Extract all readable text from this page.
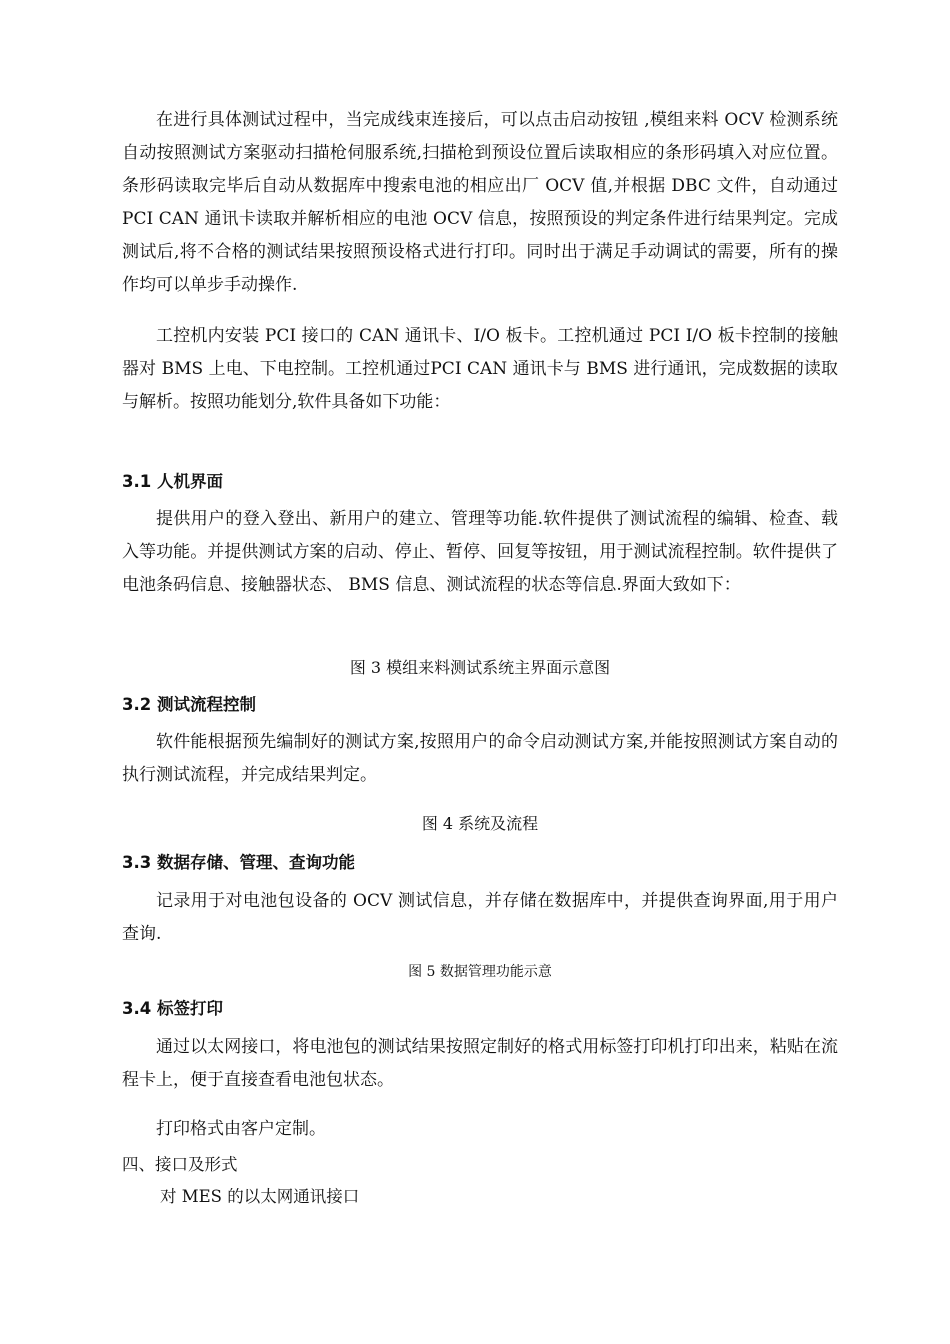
在进行具体测试过程中，当完成线束连接后，可以点击启动按钮 ,模组来料 OCV 检测系统自动按照测试方案驱动扫描枪伺服系统,扫描枪到预设位置后读取相应的条形码填入对应位置。条形码读取完毕后自动从数据库中搜索电池的相应出厂 OCV 值,并根据 DBC 文件，自动通过 PCI CAN 通讯卡读取并解析相应的电池 OCV 信息，按照预设的判定条件进行结果判定。完成测试后,将不合格的测试结果按照预设格式进行打印。同时出于满足手动调试的需要，所有的操作均可以单步手动操作.

工控机内安装 PCI 接口的 CAN 通讯卡、I/O 板卡。工控机通过 PCI I/O 板卡控制的接触器对 BMS 上电、下电控制。工控机通过PCI CAN 通讯卡与 BMS 进行通讯，完成数据的读取与解析。按照功能划分,软件具备如下功能：

3.1 人机界面

提供用户的登入登出、新用户的建立、管理等功能.软件提供了测试流程的编辑、检查、载入等功能。并提供测试方案的启动、停止、暂停、回复等按钮，用于测试流程控制。软件提供了电池条码信息、接触器状态、 BMS 信息、测试流程的状态等信息.界面大致如下：

图 3 模组来料测试系统主界面示意图

3.2 测试流程控制

软件能根据预先编制好的测试方案,按照用户的命令启动测试方案,并能按照测试方案自动的执行测试流程，并完成结果判定。

图 4 系统及流程

3.3 数据存储、管理、查询功能

记录用于对电池包设备的 OCV 测试信息，并存储在数据库中，并提供查询界面,用于用户查询.

图 5 数据管理功能示意

3.4 标签打印

通过以太网接口，将电池包的测试结果按照定制好的格式用标签打印机打印出来，粘贴在流程卡上，便于直接查看电池包状态。

打印格式由客户定制。

四、接口及形式

对 MES 的以太网通讯接口
